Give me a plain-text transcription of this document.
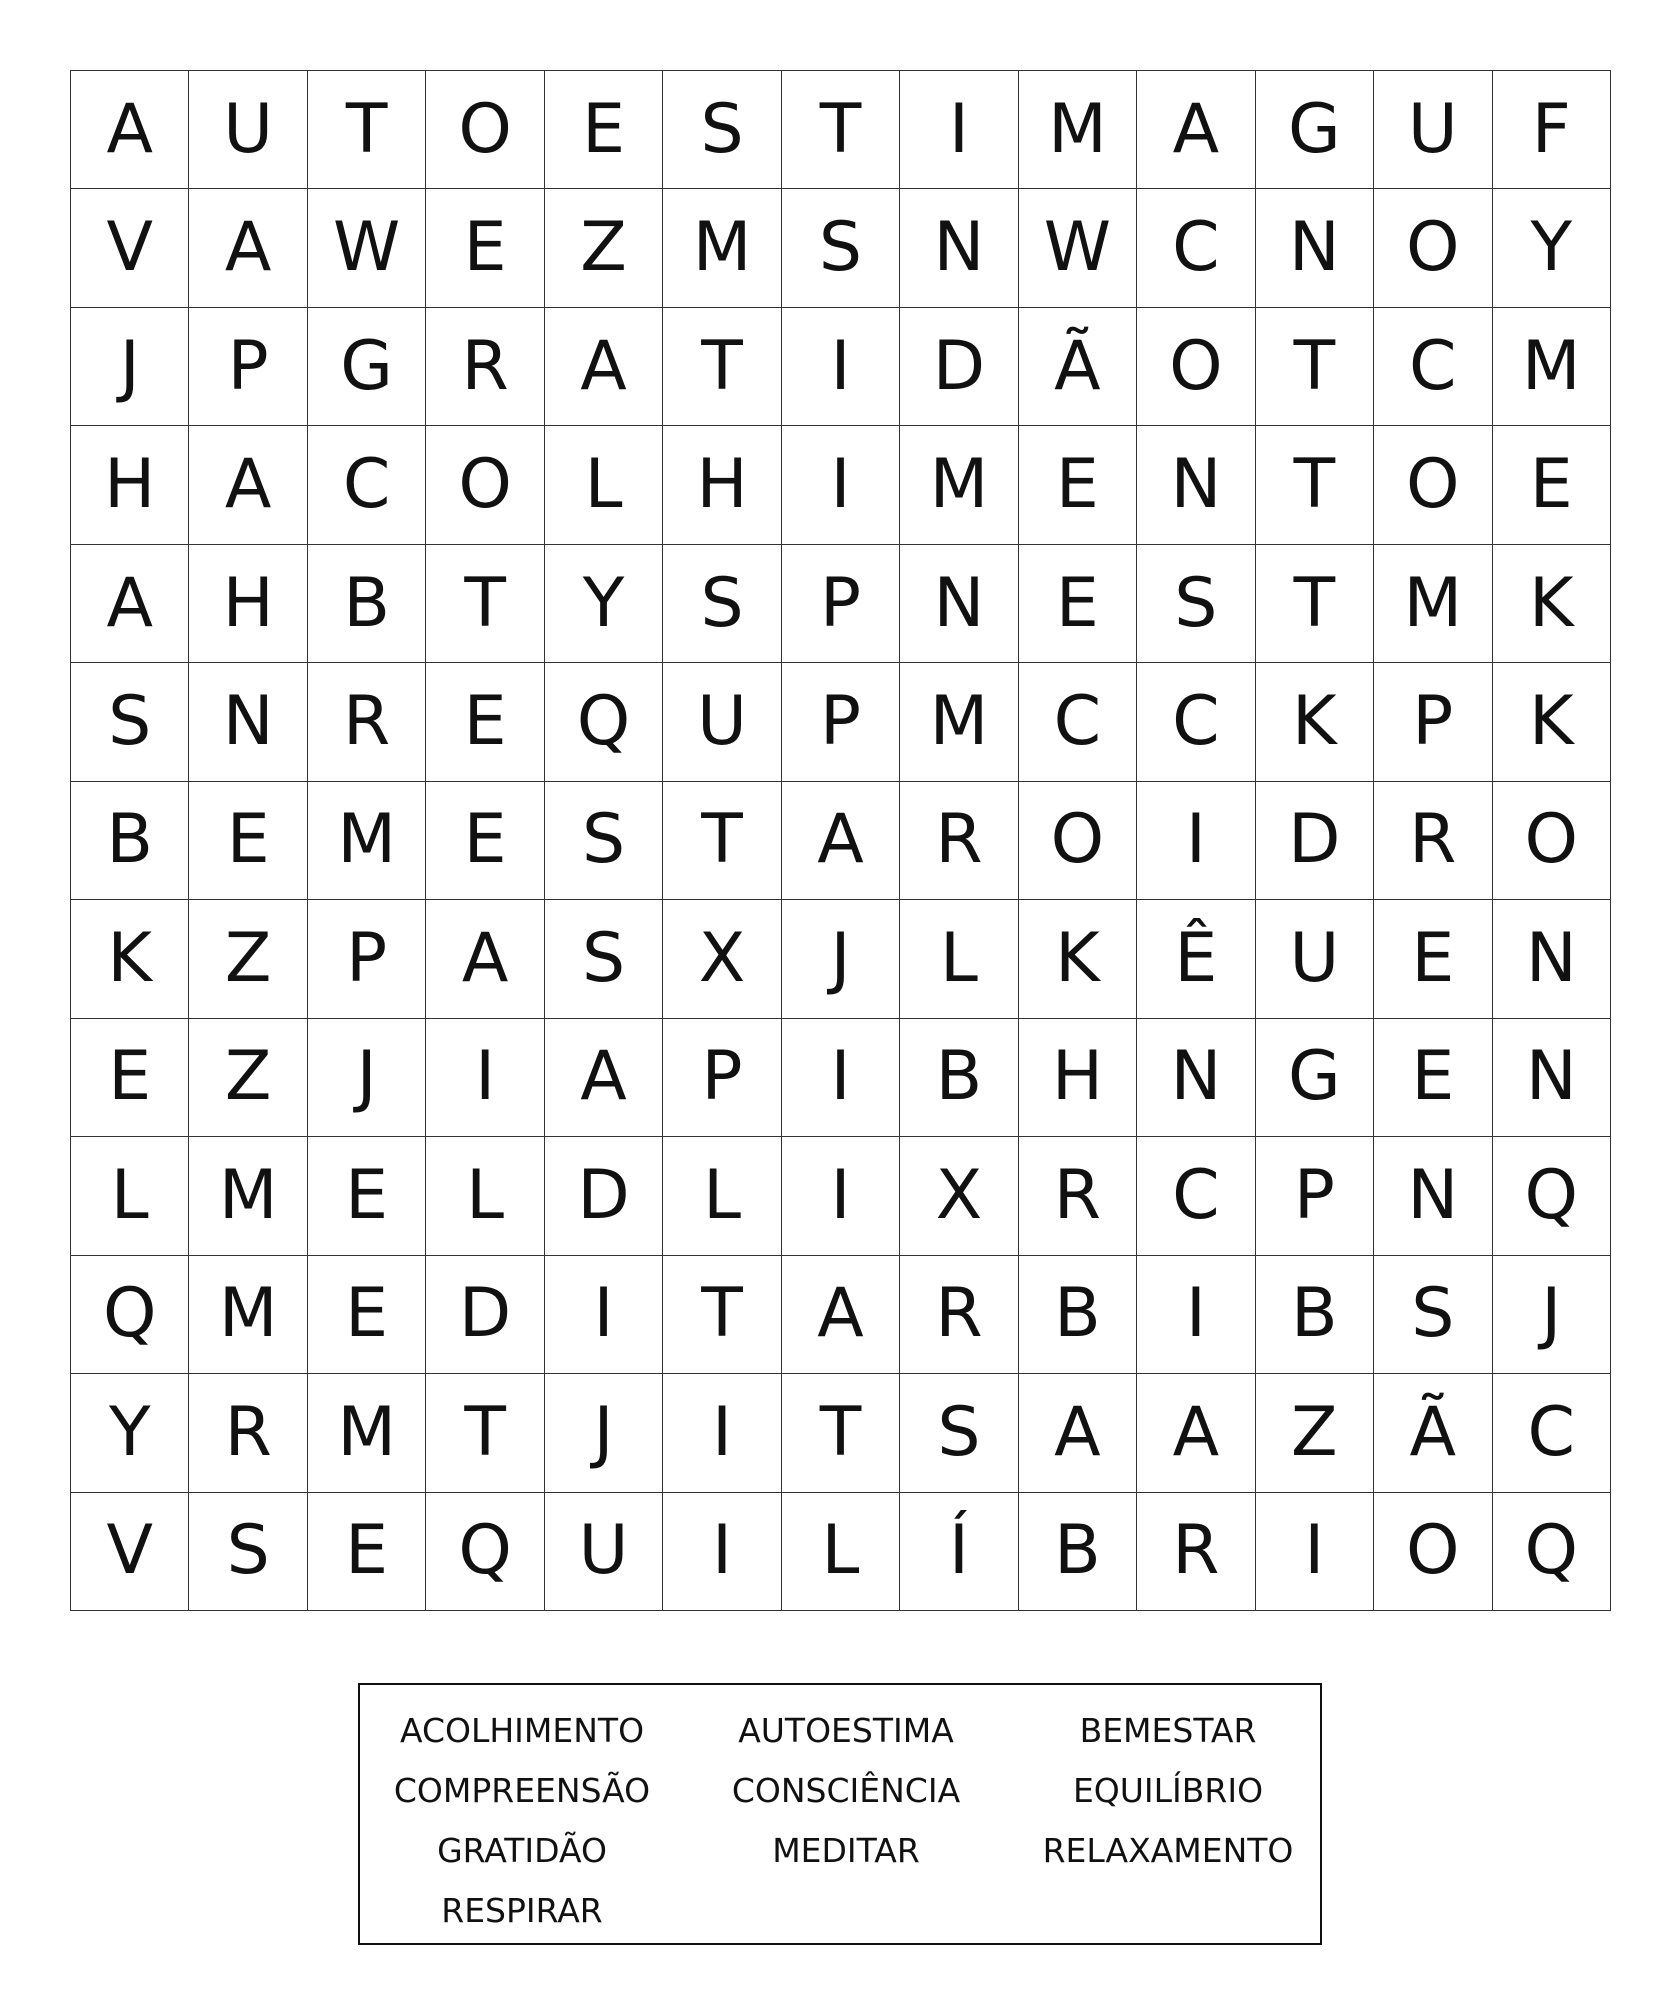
A	U	T	O	E	S	T	I	M A	G U	F
V	A W E	Z M S	N W C	N O	Y
J	P	G	R	A	T	I	D	Ã	O	T	C M
H	A	C O	L	H	I	M E	N	T	O	E
A	H	B	T	Y	S	P	N	E	S	T	M K
S	N	R	E	Q U	P	M C	C	K	P	K
B	E M E	S	T	A	R	O	I	D	R	O
K	Z	P	A	S	X	J	L	K	Ê	U	E	N
E	Z	J	I	A	P	I	B	H N G	E	N
L	M E	L	D	L	I	X	R	C	P	N Q
Q M E	D	I	T	A	R	B	I	B	S	J
Y	R M	T	J	I	T	S	A	A	Z	Ã	C
V	S	E	Q U	I	L	Í	B	R	I	O Q
ACOLHIMENTO	AUTOESTIMA	BEMESTAR
COMPREENSÃO	CONSCIÊNCIA	EQUILÍBRIO
GRATIDÃO	MEDITAR	RELAXAMENTO
RESPIRAR
